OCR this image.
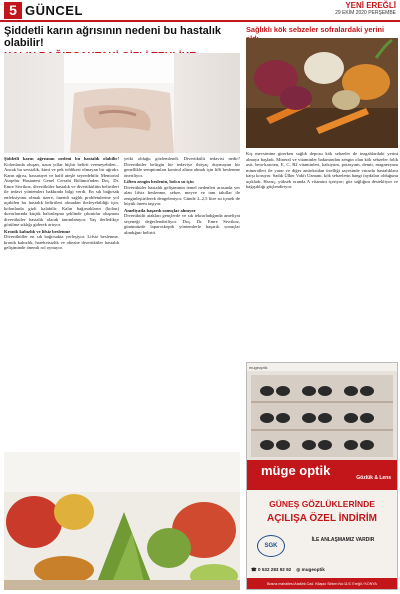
5 GÜNCEL	YENİ EREĞLİ
29 EKİM 2020 PERŞEMBE
Şiddetli karın ağrısının nedeni bu hastalık olabilir!
Şiddetli karın ağrısının nedeni bu hastalık olabilir! Kolonlarda oluşan, uzun yıllar hiçbir belirti vermeyebilen... Ancak bu sessizlik, kimi ve pek tehlikesi olmayan bir ağrıdır. Karın ağrısı, hassasiyet ve hafif ateşle seyredebilir. Memorial Ataşehir Hastanesi Genel Cerrahi Bölümü'nden Doç. Dr. Emre Sivrikoz, divertiküler hastalık ve divertikülitin belirtileri ile tedavi yöntemleri hakkında bilgi verdi. En sık bağırsak enfeksiyonu olmak üzere, önemli sağlık problemlerine yol açabilen bu hastalık belirtileri olmadan ilerleyebildiği için, kolonlarda gizli kalabilir. Kalın bağırsakların (kolon) duvarlarında küçük balonlaşma şeklinde çıkıntılar oluşması divertiküler hastalık olarak tanımlanıyor. Yaş ilerledikçe görülme sıklığı giderek artıyor.
Kronik kabızlık ve lifsiz beslenme
Divertiküller en sık bağırsakta yerleşiyor. Lifsiz beslenme, kronik kabızlık, hareketsizlik ve obezite divertiküler hastalık gelişiminde önemli rol oynuyor.
yetki olduğu gözlemlendi. Divertikülit tedavisi nedir? Divertiküler belirgin bir tedaviye ihtiyaç duymayan bir genellikle semptomları kontrol altına almak için lifli beslenme öneriliyor.
Liften zengin beslenin, bolca su için
Divertiküler hastalık gelişiminin temel nedenleri arasında yer alan lifsiz beslenme, sebze, meyve ve tam tahıllar ile zenginleştirilerek dengeleniyor. Günde 2–2,5 litre su içmek de büyük önem taşıyor.
Ameliyatla başarılı sonuçlar alınıyor
Divertikülit atakları gençlerde ve sık tekrarladığında ameliyat seçeneği değerlendiriliyor. Doç. Dr. Emre Sivrikoz, günümüzde laparoskopik yöntemlerle başarılı sonuçlar alındığını belirtti.
Sağlıklı kök sebzeler sofralardaki yerini
Kış mevsimine girerken sağlık deposu kök sebzeler de tezgahlardaki yerini almaya başladı. Mineral ve vitaminler bakımından zengin olan kök sebzeler folik asit, beta-karoten, E, C, B2 vitaminleri, kalsiyum, potasyum, demir, magnezyum mineralleri ile yarar ve diğer antioksidan özelliği sayesinde vücudu hastalıklara karşı koruyor. Sadık Ülker Vakfı Uzmanı, kök sebzelerin hangi faydaları olduğunu açıkladı. Havuç, yüksek oranda A vitamini içeriyor; göz sağlığını destekliyor ve bağışıklığı güçlendiriyor.
mugeoptik
müge optik	Gözlük & Lens
GÜNEŞ GÖZLÜKLERİNDE
AÇILIŞA ÖZEL İNDİRİM
SGK
İLE ANLAŞMAMIZ VARDIR
☎ 0 532 283 92 92 ◎ mugeoptik
Bosna mahallesi Atatürk Cad. Kitapcı Sirken No:11/C Ereğli / KONYA
